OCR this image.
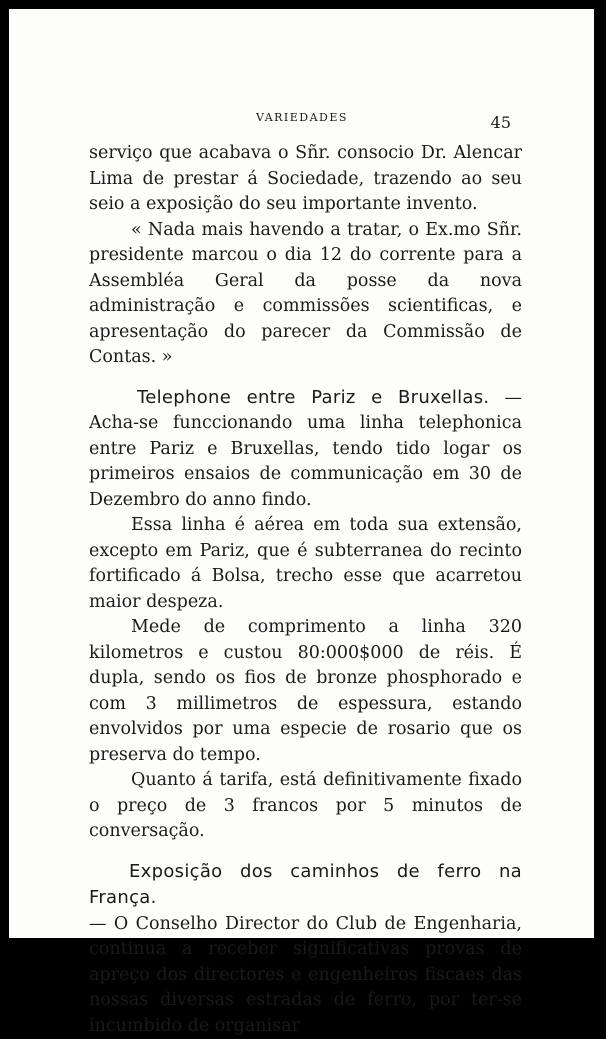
VARIEDADES	45

serviço que acabava o Sñr. consocio Dr. Alencar Lima de prestar á Sociedade, trazendo ao seu seio a exposição do seu importante invento.

« Nada mais havendo a tratar, o Ex.mo Sñr. presidente marcou o dia 12 do corrente para a Assembléa Geral da posse da nova administração e commissões scientificas, e apresentação do parecer da Commissão de Contas. »

Telephone entre Pariz e Bruxellas. — Acha-se funccionando uma linha telephonica entre Pariz e Bruxellas, tendo tido logar os primeiros ensaios de communicação em 30 de Dezembro do anno findo.

Essa linha é aérea em toda sua extensão, excepto em Pariz, que é subterranea do recinto fortificado á Bolsa, trecho esse que acarretou maior despeza.

Mede de comprimento a linha 320 kilometros e custou 80:000$000 de réis. É dupla, sendo os fios de bronze phosphorado e com 3 millimetros de espessura, estando envolvidos por uma especie de rosario que os preserva do tempo.

Quanto á tarifa, está definitivamente fixado o preço de 3 francos por 5 minutos de conversação.

Exposição dos caminhos de ferro na França.

— O Conselho Director do Club de Engenharia, continua a receber significativas provas de apreço dos directores e engenheiros fiscaes das nossas diversas estradas de ferro, por ter-se incumbido de organisar
